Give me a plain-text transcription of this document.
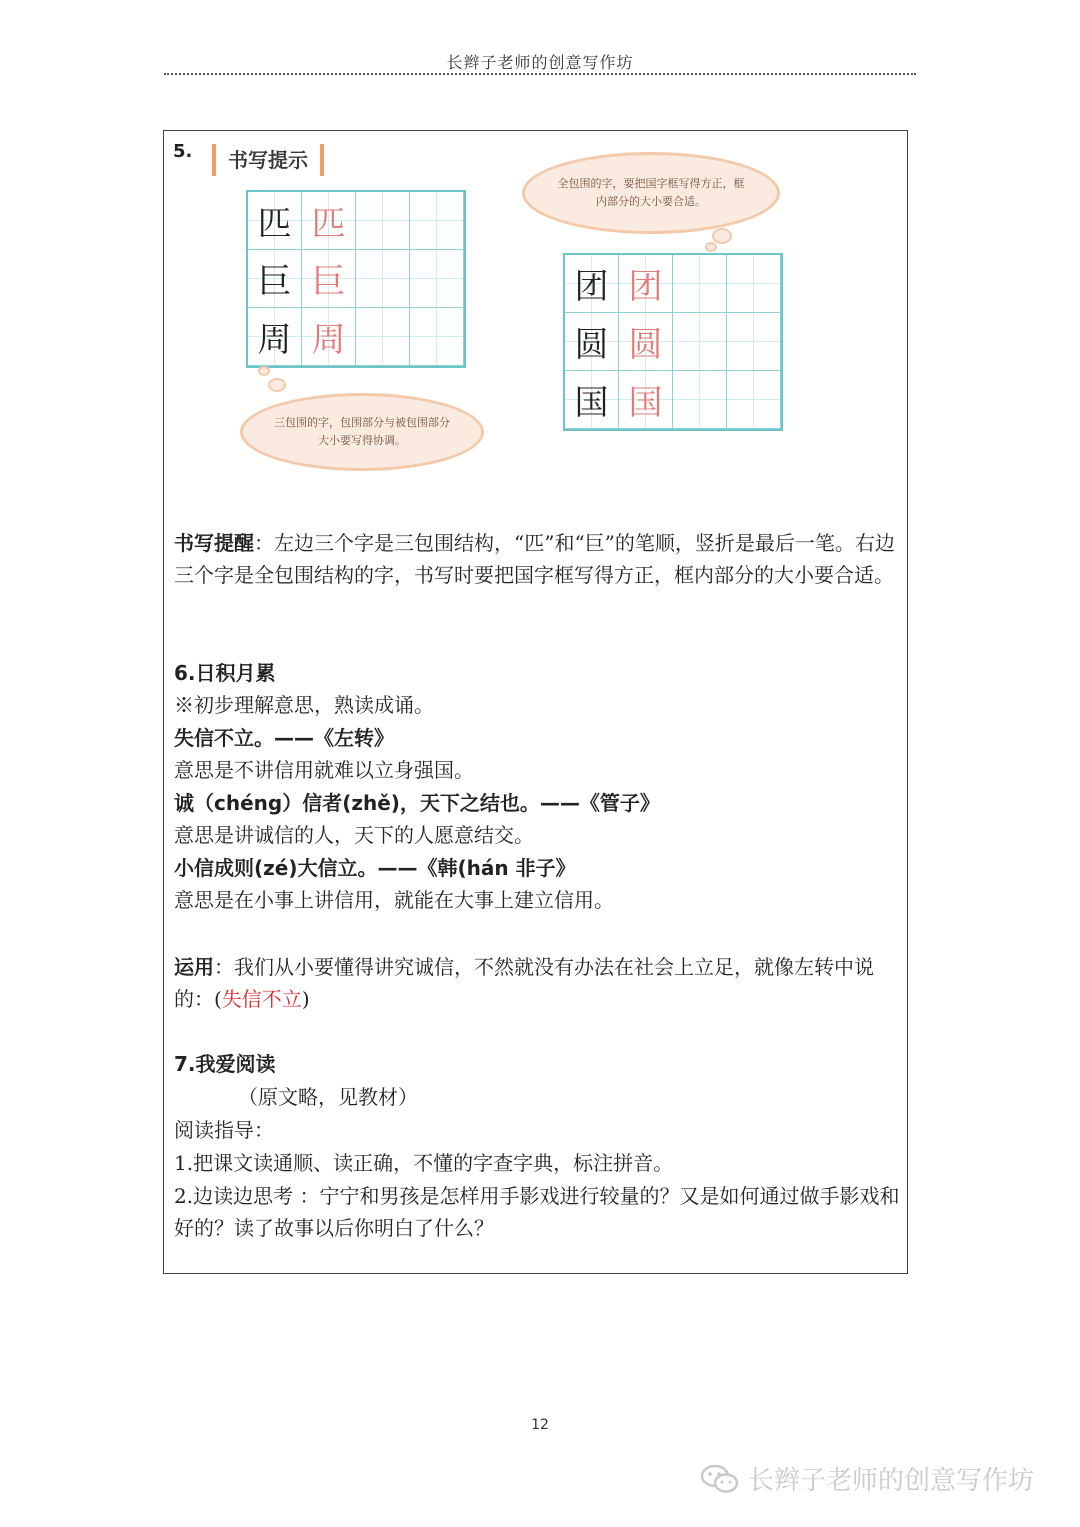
长辫子老师的创意写作坊
5.	书写提示
匹 匹
巨 巨
周 周
团 团
圆 圆
国 国
全包围的字，要把国字框写得方正，框内部分的大小要合适。
三包围的字，包围部分与被包围部分大小要写得协调。
书写提醒：左边三个字是三包围结构，“匹”和“巨”的笔顺，竖折是最后一笔。右边三个字是全包围结构的字，书写时要把国字框写得方正，框内部分的大小要合适。
6.日积月累
※初步理解意思，熟读成诵。
失信不立。——《左转》
意思是不讲信用就难以立身强国。
诚（chéng）信者(zhě)，天下之结也。——《管子》
意思是讲诚信的人，天下的人愿意结交。
小信成则(zé)大信立。——《韩(hán 非子》
意思是在小事上讲信用，就能在大事上建立信用。
运用：我们从小要懂得讲究诚信，不然就没有办法在社会上立足，就像左转中说的：(失信不立)
7.我爱阅读
（原文略，见教材）
阅读指导：
1.把课文读通顺、读正确，不懂的字查字典，标注拼音。
2.边读边思考 ：宁宁和男孩是怎样用手影戏进行较量的？又是如何通过做手影戏和好的？读了故事以后你明白了什么？
12
长辫子老师的创意写作坊
